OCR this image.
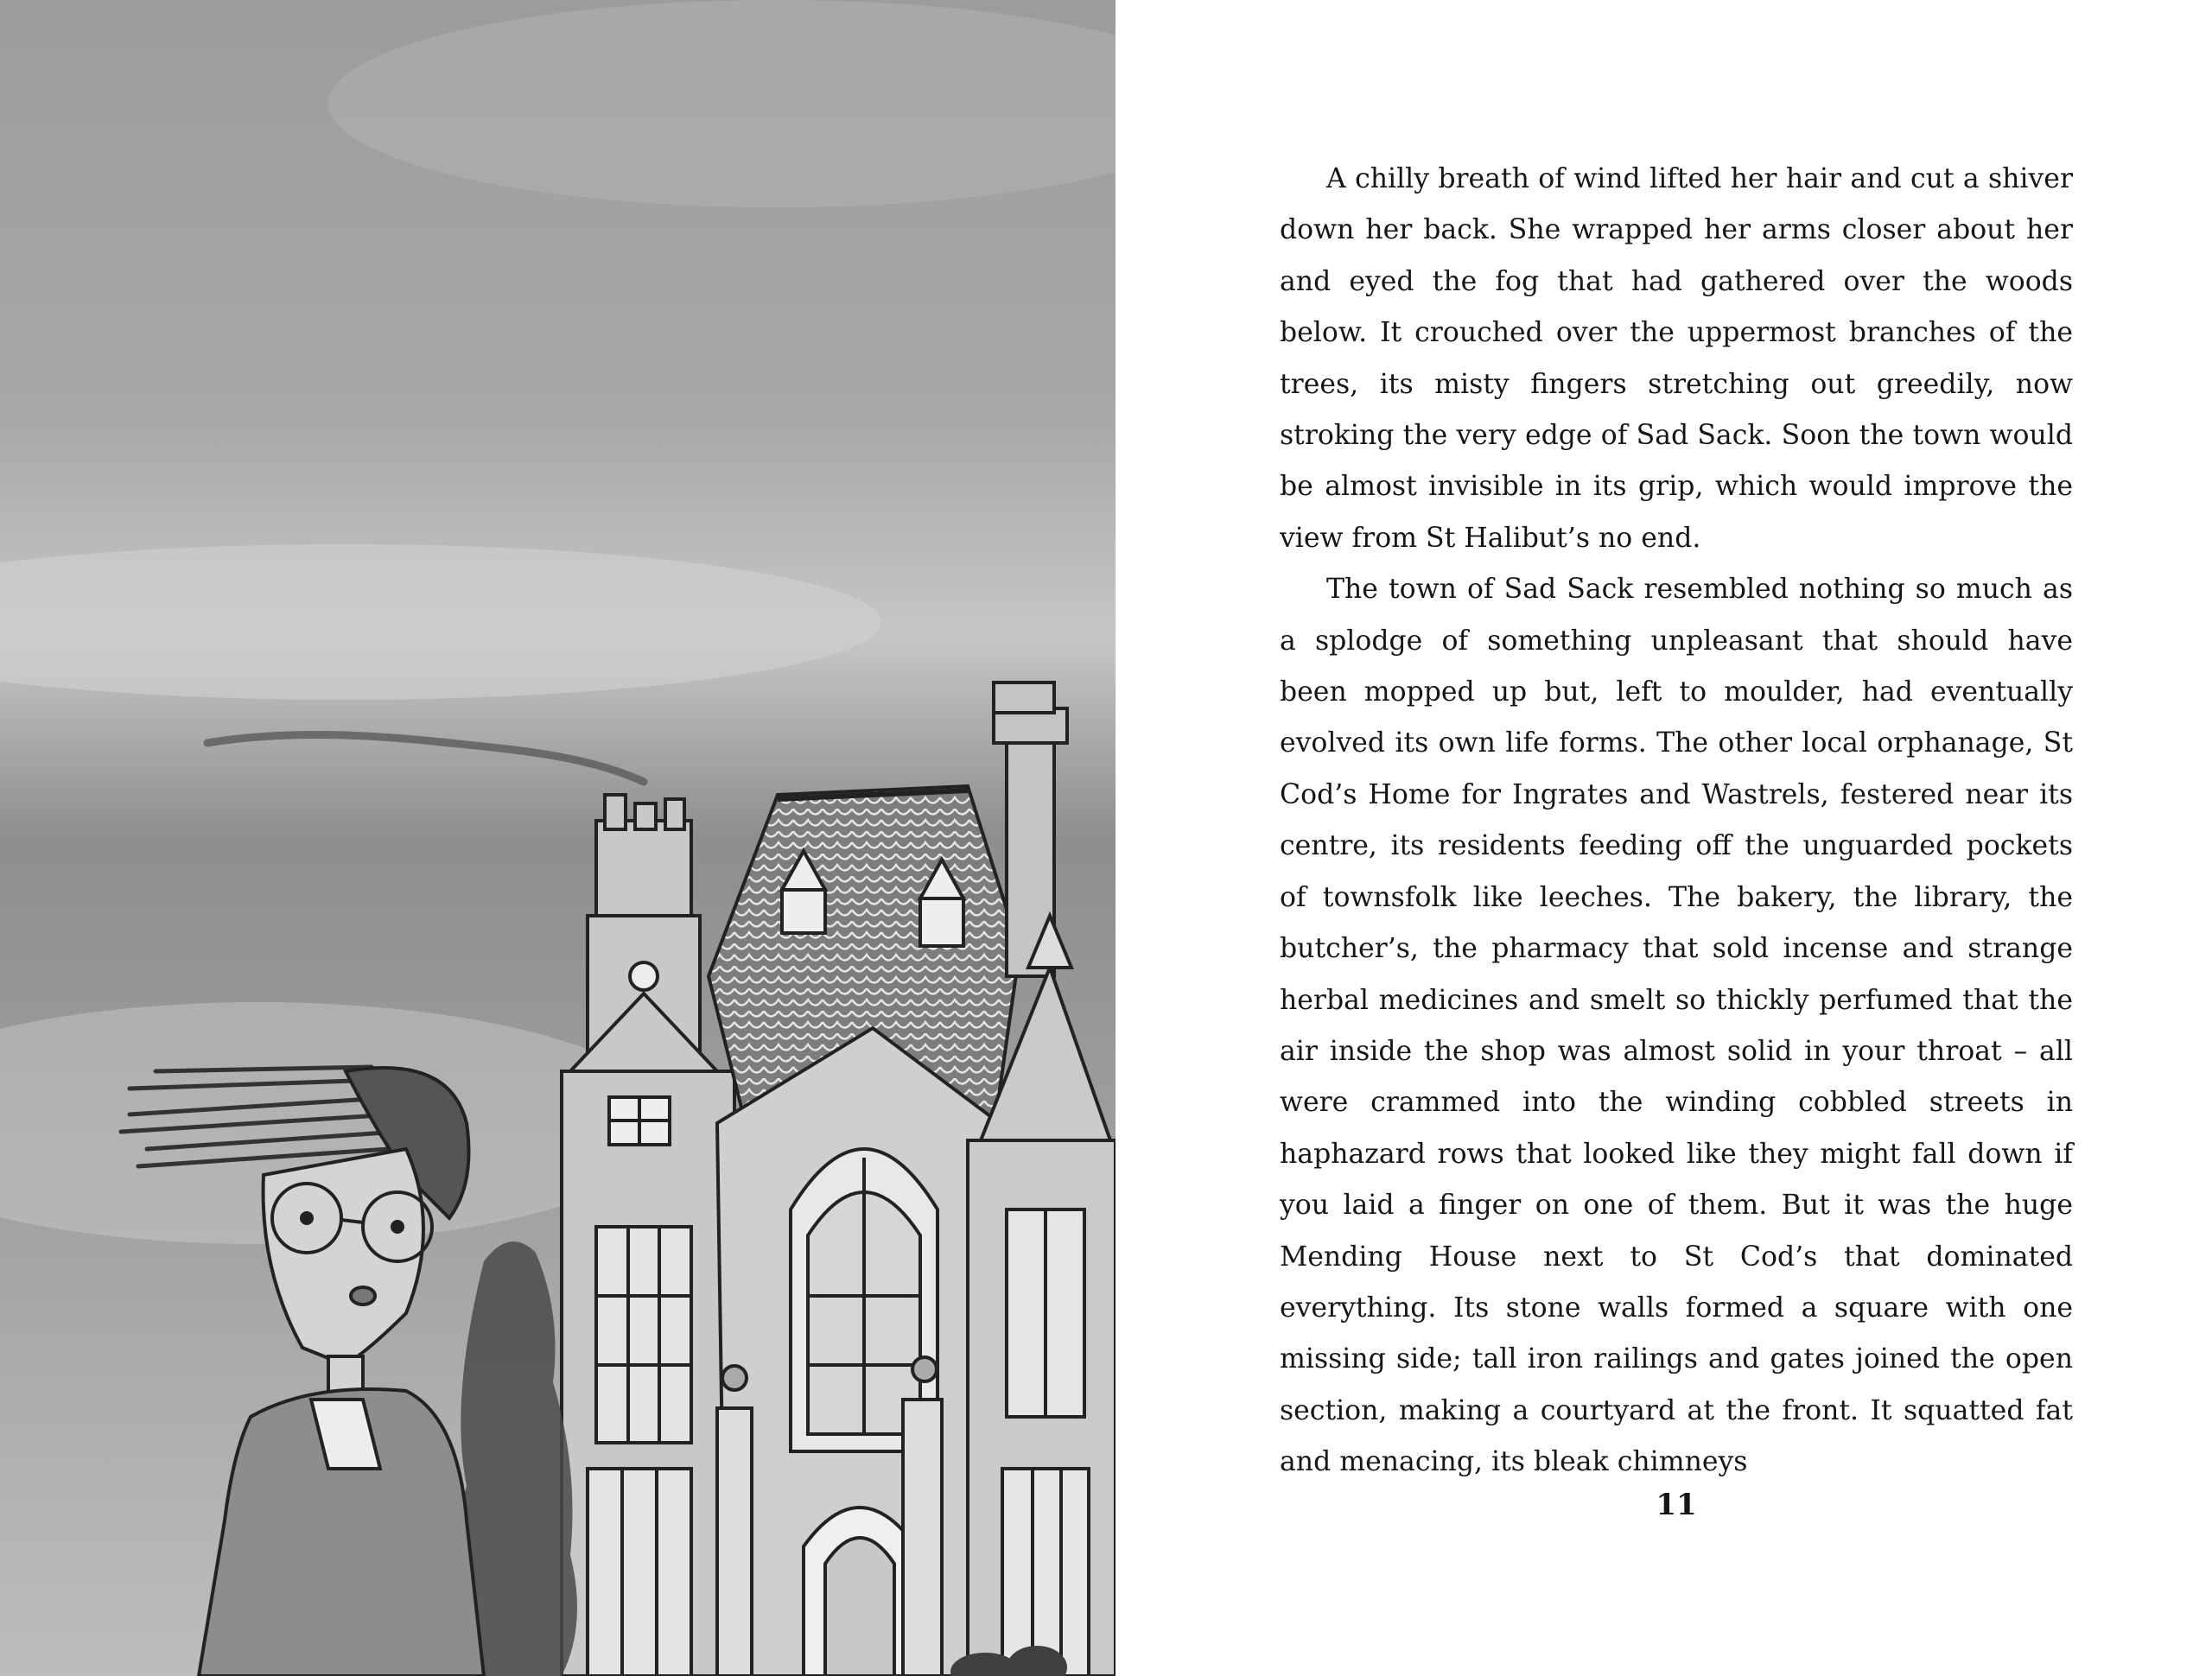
A chilly breath of wind lifted her hair and cut a shiver down her back. She wrapped her arms closer about her and eyed the fog that had gathered over the woods below. It crouched over the uppermost branches of the trees, its misty fingers stretching out greedily, now stroking the very edge of Sad Sack. Soon the town would be almost invisible in its grip, which would improve the view from St Halibut’s no end.

The town of Sad Sack resembled nothing so much as a splodge of something unpleasant that should have been mopped up but, left to moulder, had eventually evolved its own life forms. The other local orphanage, St Cod’s Home for Ingrates and Wastrels, festered near its centre, its residents feeding off the unguarded pockets of townsfolk like leeches. The bakery, the library, the butcher’s, the pharmacy that sold incense and strange herbal medicines and smelt so thickly perfumed that the air inside the shop was almost solid in your throat – all were crammed into the winding cobbled streets in haphazard rows that looked like they might fall down if you laid a finger on one of them. But it was the huge Mending House next to St Cod’s that dominated everything. Its stone walls formed a square with one missing side; tall iron railings and gates joined the open section, making a courtyard at the front. It squatted fat and menacing, its bleak chimneys

11
